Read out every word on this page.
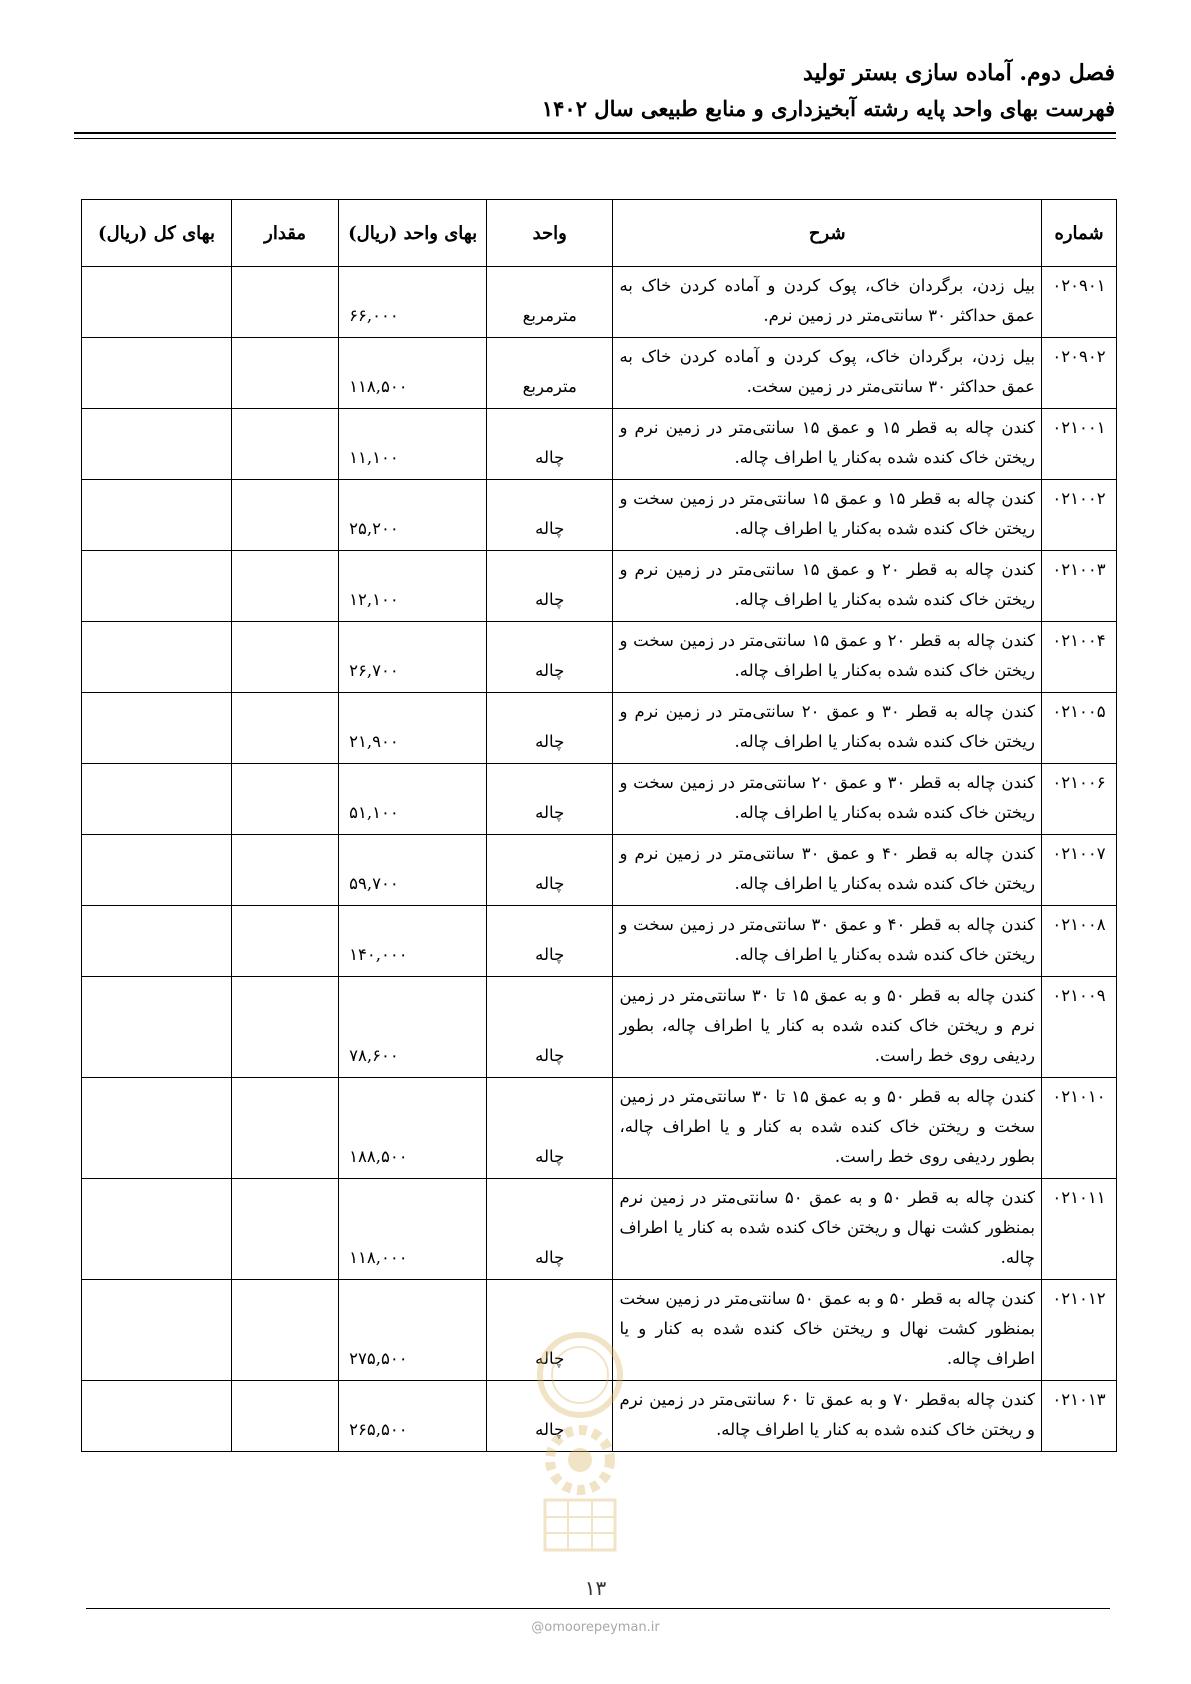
فصل دوم. آماده سازی بستر تولید
فهرست بهای واحد پایه رشته آبخیزداری و منابع طبیعی سال ۱۴۰۲
شماره	شرح	واحد	بهای واحد (ریال)	مقدار	بهای کل (ریال)
۰۲۰۹۰۱	بیل زدن، برگردان خاک، پوک کردن و آماده کردن خاک به عمق حداکثر ۳۰ سانتی‌متر در زمین نرم.	مترمربع	۶۶,۰۰۰		
۰۲۰۹۰۲	بیل زدن، برگردان خاک، پوک کردن و آماده کردن خاک به عمق حداکثر ۳۰ سانتی‌متر در زمین سخت.	مترمربع	۱۱۸,۵۰۰		
۰۲۱۰۰۱	کندن چاله به قطر ۱۵ و عمق ۱۵ سانتی‌متر در زمین نرم و ریختن خاک کنده شده به‌کنار یا اطراف چاله.	چاله	۱۱,۱۰۰		
۰۲۱۰۰۲	کندن چاله به قطر ۱۵ و عمق ۱۵ سانتی‌متر در زمین سخت و ریختن خاک کنده شده به‌کنار یا اطراف چاله.	چاله	۲۵,۲۰۰		
۰۲۱۰۰۳	کندن چاله به قطر ۲۰ و عمق ۱۵ سانتی‌متر در زمین نرم و ریختن خاک کنده شده به‌کنار یا اطراف چاله.	چاله	۱۲,۱۰۰		
۰۲۱۰۰۴	کندن چاله به قطر ۲۰ و عمق ۱۵ سانتی‌متر در زمین سخت و ریختن خاک کنده شده به‌کنار یا اطراف چاله.	چاله	۲۶,۷۰۰		
۰۲۱۰۰۵	کندن چاله به قطر ۳۰ و عمق ۲۰ سانتی‌متر در زمین نرم و ریختن خاک کنده شده به‌کنار یا اطراف چاله.	چاله	۲۱,۹۰۰		
۰۲۱۰۰۶	کندن چاله به قطر ۳۰ و عمق ۲۰ سانتی‌متر در زمین سخت و ریختن خاک کنده شده به‌کنار یا اطراف چاله.	چاله	۵۱,۱۰۰		
۰۲۱۰۰۷	کندن چاله به قطر ۴۰ و عمق ۳۰ سانتی‌متر در زمین نرم و ریختن خاک کنده شده به‌کنار یا اطراف چاله.	چاله	۵۹,۷۰۰		
۰۲۱۰۰۸	کندن چاله به قطر ۴۰ و عمق ۳۰ سانتی‌متر در زمین سخت و ریختن خاک کنده شده به‌کنار یا اطراف چاله.	چاله	۱۴۰,۰۰۰		
۰۲۱۰۰۹	کندن چاله به قطر ۵۰ و به عمق ۱۵ تا ۳۰ سانتی‌متر در زمین نرم و ریختن خاک کنده شده به کنار یا اطراف چاله، بطور ردیفی روی خط راست.	چاله	۷۸,۶۰۰		
۰۲۱۰۱۰	کندن چاله به قطر ۵۰ و به عمق ۱۵ تا ۳۰ سانتی‌متر در زمین سخت و ریختن خاک کنده شده به کنار و یا اطراف چاله، بطور ردیفی روی خط راست.	چاله	۱۸۸,۵۰۰		
۰۲۱۰۱۱	کندن چاله به قطر ۵۰ و به عمق ۵۰ سانتی‌متر در زمین نرم بمنظور کشت نهال و ریختن خاک کنده شده به کنار یا اطراف چاله.	چاله	۱۱۸,۰۰۰		
۰۲۱۰۱۲	کندن چاله به قطر ۵۰ و به عمق ۵۰ سانتی‌متر در زمین سخت بمنظور کشت نهال و ریختن خاک کنده شده به کنار و یا اطراف چاله.	چاله	۲۷۵,۵۰۰		
۰۲۱۰۱۳	کندن چاله به‌قطر ۷۰ و به عمق تا ۶۰ سانتی‌متر در زمین نرم و ریختن خاک کنده شده به کنار یا اطراف چاله.	چاله	۲۶۵,۵۰۰		
۱۳
@omoorepeyman.ir
